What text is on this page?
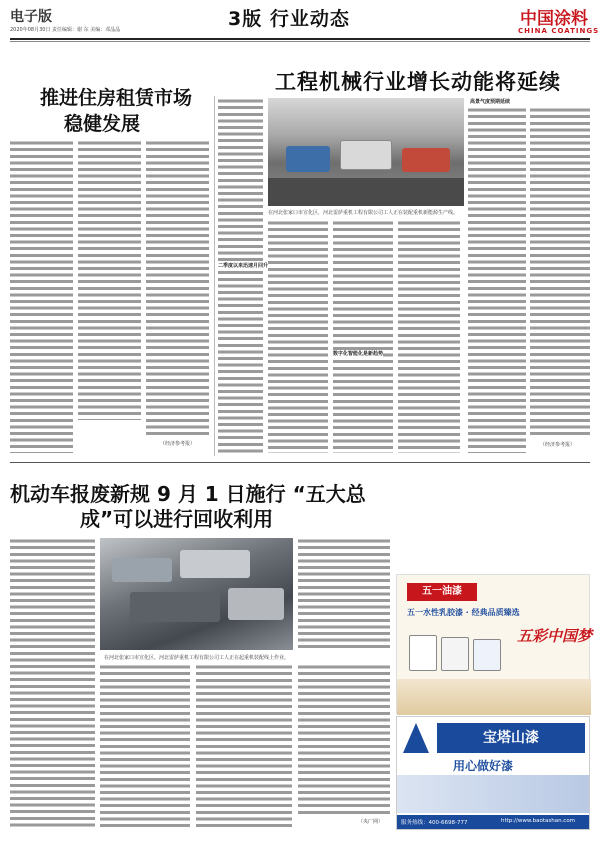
电子版
2020年08月30日 责任编辑：谢 东 美编：邓晶晶	3版 行业动态	中国涂料
CHINA COATINGS
工程机械行业增长动能将延续
推进住房租赁市场
稳健发展
（经济参考报）
在河北张家口市宣化区，河北雷萨重机工程有限公司工人正在装配重机新能源生产线。
二季度以来迅速月回升
数字化智能化是新趋势
高景气度预期延续
（经济参考报）
机动车报废新规 9 月 1 日施行 “五大总
成”可以进行回收利用
在河北张家口市宣化区，河北雷萨重机工程有限公司工人正在起重机装配线上作业。
（央广网）
五一油漆
五一水性乳胶漆 · 经典品质臻选
五彩中国梦
宝塔山漆
用心做好漆
服务热线：400-6698-777	http://www.baotashan.com
